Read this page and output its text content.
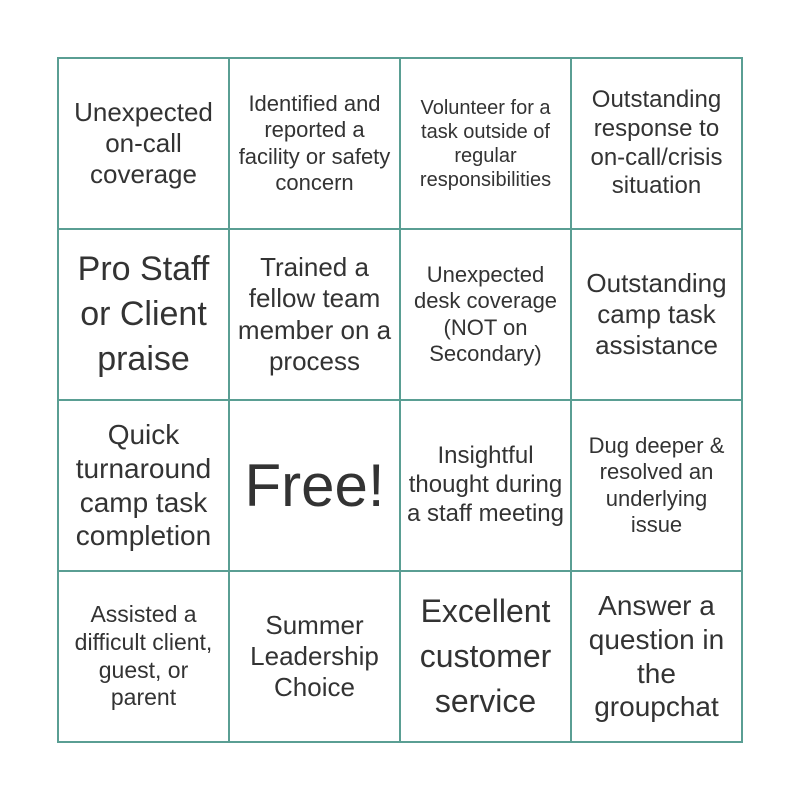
Unexpected on-call coverage
Identified and reported a facility or safety concern
Volunteer for a task outside of regular responsibilities
Outstanding response to on-call/crisis situation
Pro Staff or Client praise
Trained a fellow team member on a process
Unexpected desk coverage (NOT on Secondary)
Outstanding camp task assistance
Quick turnaround camp task completion
Free!	Insightful thought during a staff meeting
Dug deeper & resolved an underlying issue
Assisted a difficult client, guest, or parent
Summer Leadership Choice
Excellent customer service
Answer a question in the groupchat
